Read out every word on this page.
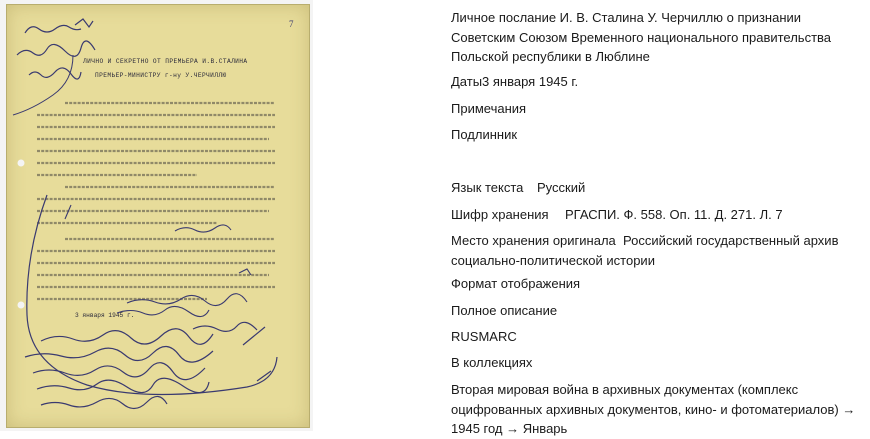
7
ЛИЧНО И СЕКРЕТНО ОТ ПРЕМЬЕРА И.В.СТАЛИНА
ПРЕМЬЕР-МИНИСТРУ г-ну У.ЧЕРЧИЛЛЮ
3 января 1945 г.

Личное послание И. В. Сталина У. Черчиллю о признании Советским Союзом Временного национального правительства Польской республики в Люблине

Даты3 января 1945 г.
Примечания
Подлинник
Язык текста Русский
Шифр хранения РГАСПИ. Ф. 558. Оп. 11. Д. 271. Л. 7
Место хранения оригинала Российский государственный архив социально-политической истории
Формат отображения
Полное описание
RUSMARC
В коллекциях

Вторая мировая война в архивных документах (комплекс оцифрованных архивных документов, кино- и фотоматериалов) → 1945 год → Январь
